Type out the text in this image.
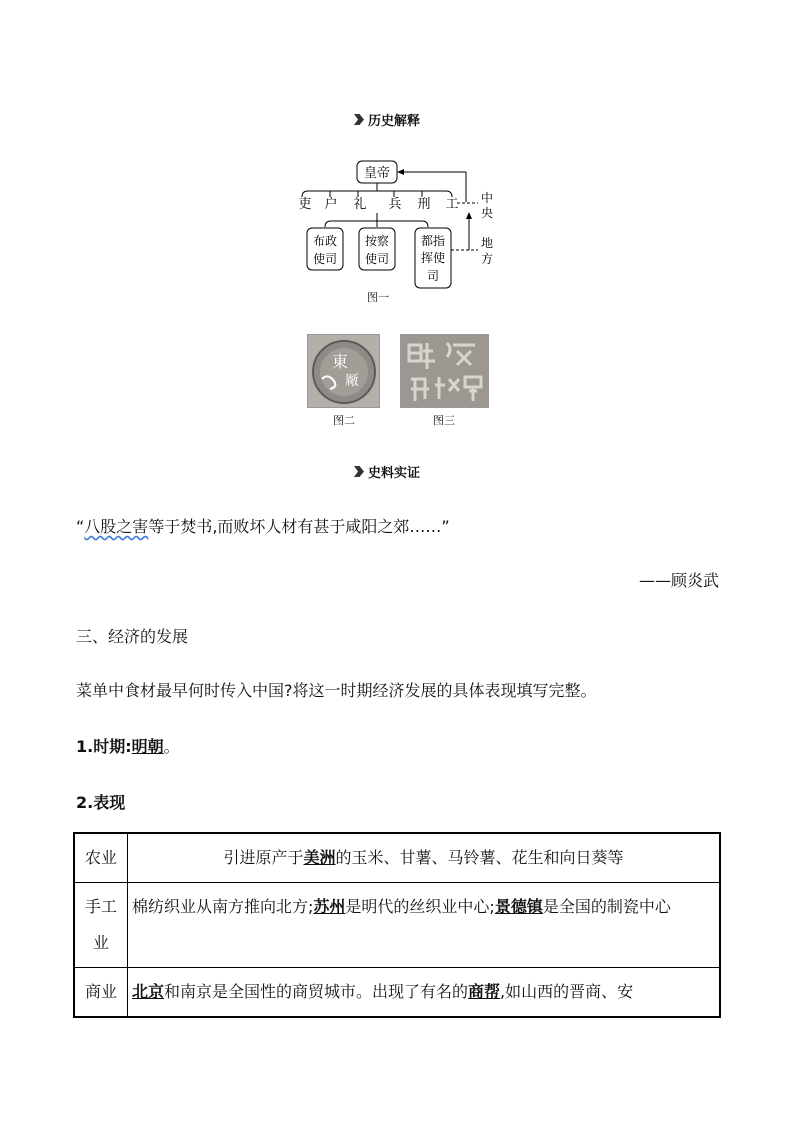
历史解释
皇帝
吏 户 礼 兵 刑 工
布政
使司
按察
使司
都指
挥使
司
中
央
地
方
图一
東
厰
图二	图三
史料实证
“八股之害等于焚书,而败坏人材有甚于咸阳之郊……”
——顾炎武
三、经济的发展
菜单中食材最早何时传入中国?将这一时期经济发展的具体表现填写完整。
1.时期:明朝。
2.表现
农业	引进原产于美洲的玉米、甘薯、马铃薯、花生和向日葵等
手工业	棉纺织业从南方推向北方;苏州是明代的丝织业中心;景德镇是全国的制瓷中心
商业	北京和南京是全国性的商贸城市。出现了有名的商帮,如山西的晋商、安
